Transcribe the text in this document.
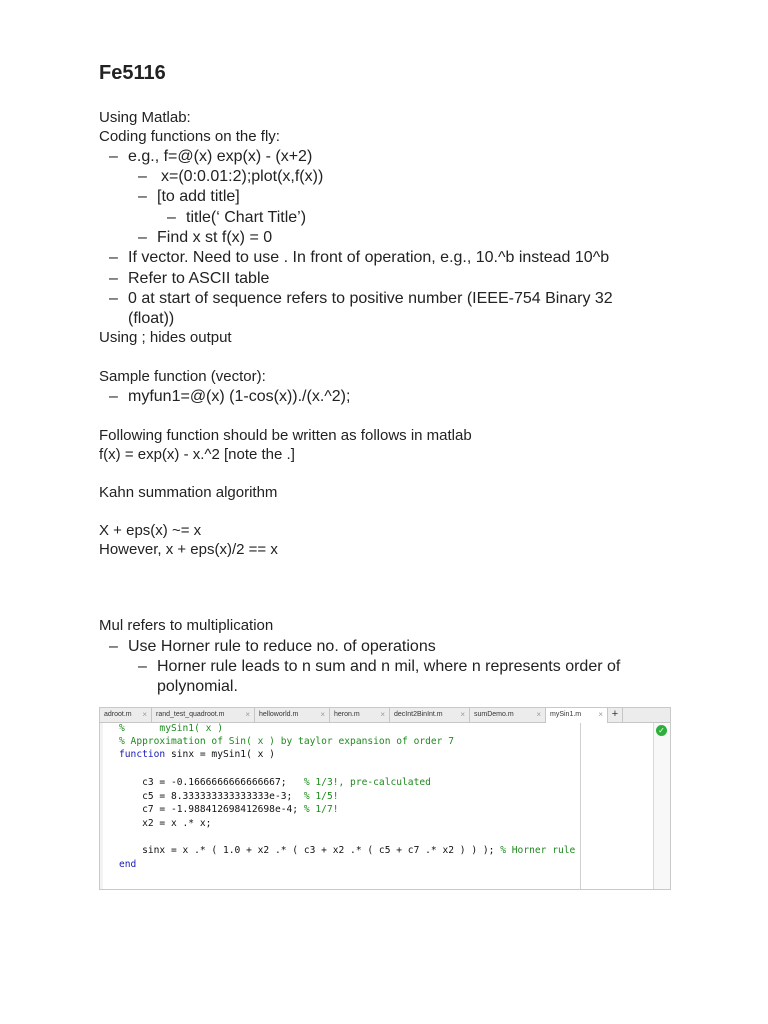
Fe5116
Using Matlab:
Coding functions on the fly:
– e.g., f=@(x) exp(x) - (x+2)
– x=(0:0.01:2);plot(x,f(x))
– [to add title]
– title(‘ Chart Title’)
– Find x st f(x) = 0
– If vector. Need to use . In front of operation, e.g., 10.^b instead 10^b
– Refer to ASCII table
– 0 at start of sequence refers to positive number (IEEE-754 Binary 32
(float))
Using ; hides output
Sample function (vector):
– myfun1=@(x) (1-cos(x))./(x.^2);
Following function should be written as follows in matlab
f(x) = exp(x) - x.^2 [note the .]
Kahn summation algorithm
X + eps(x) ~= x
However, x + eps(x)/2 == x
Mul refers to multiplication
– Use Horner rule to reduce no. of operations
– Horner rule leads to n sum and n mil, where n represents order of
polynomial.
adroot.m ×	rand_test_quadroot.m	×	helloworld.m	×	heron.m	×	decInt2BinInt.m ×	sumDemo.m	×	mySin1.m × +
✓
%      mySin1( x )
% Approximation of Sin( x ) by taylor expansion of order 7
function sinx = mySin1( x )
c3 = -0.1666666666666667;   % 1/3!, pre-calculated
c5 = 8.333333333333333e-3;  % 1/5!
c7 = -1.988412698412698e-4; % 1/7!
x2 = x .* x;
sinx = x .* ( 1.0 + x2 .* ( c3 + x2 .* ( c5 + c7 .* x2 ) ) ); % Horner rule
end
